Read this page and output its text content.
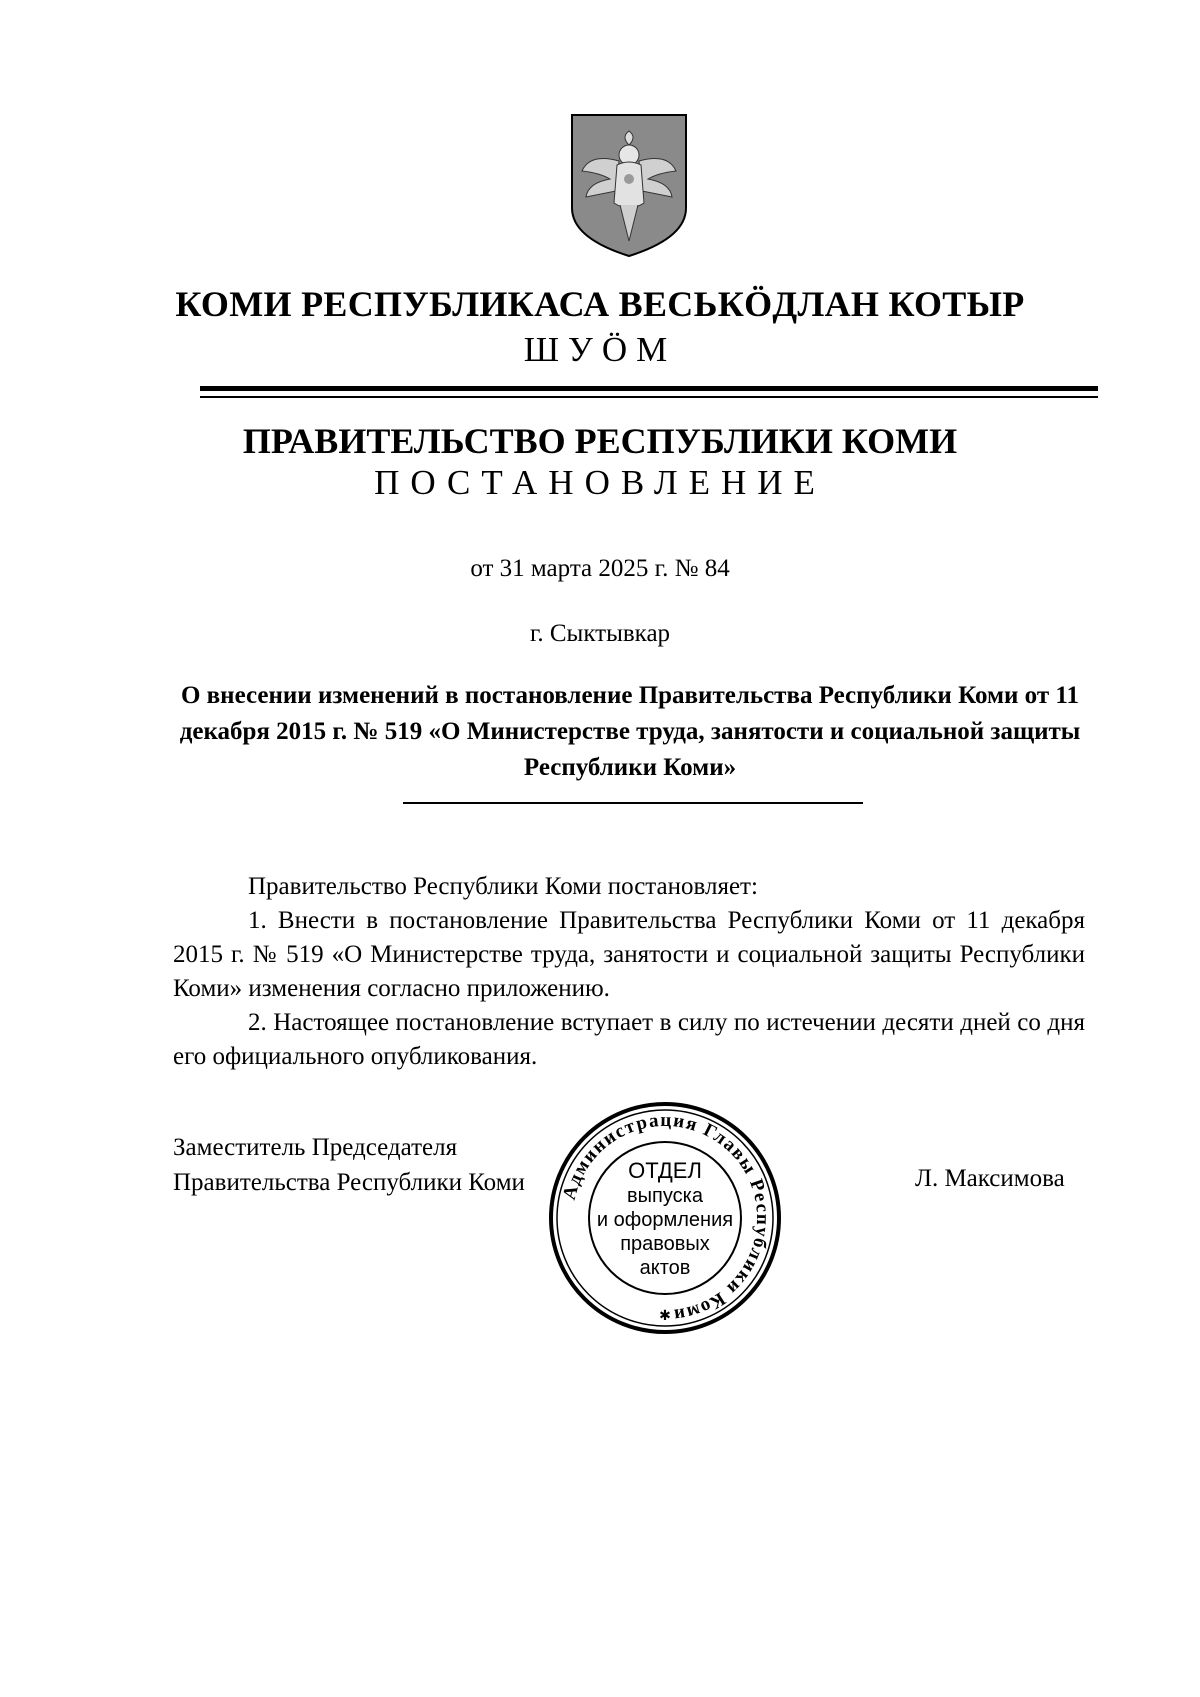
КОМИ РЕСПУБЛИКАСА ВЕСЬКӦДЛАН КОТЫР
ШУӦМ
ПРАВИТЕЛЬСТВО РЕСПУБЛИКИ КОМИ
ПОСТАНОВЛЕНИЕ
от 31 марта 2025 г. № 84
г. Сыктывкар
О внесении изменений в постановление Правительства Республики Коми от 11 декабря 2015 г. № 519 «О Министерстве труда, занятости и социальной защиты Республики Коми»

Правительство Республики Коми постановляет:

1. Внести в постановление Правительства Республики Коми от 11 декабря 2015 г. № 519 «О Министерстве труда, занятости и социальной защиты Республики Коми» изменения согласно приложению.

2. Настоящее постановление вступает в силу по истечении десяти дней со дня его официального опубликования.

Заместитель Председателя
Правительства Республики Коми	Л. Максимова
Администрация Главы Республики Коми
ОТДЕЛ
выпуска
и оформления
правовых
актов
✱
